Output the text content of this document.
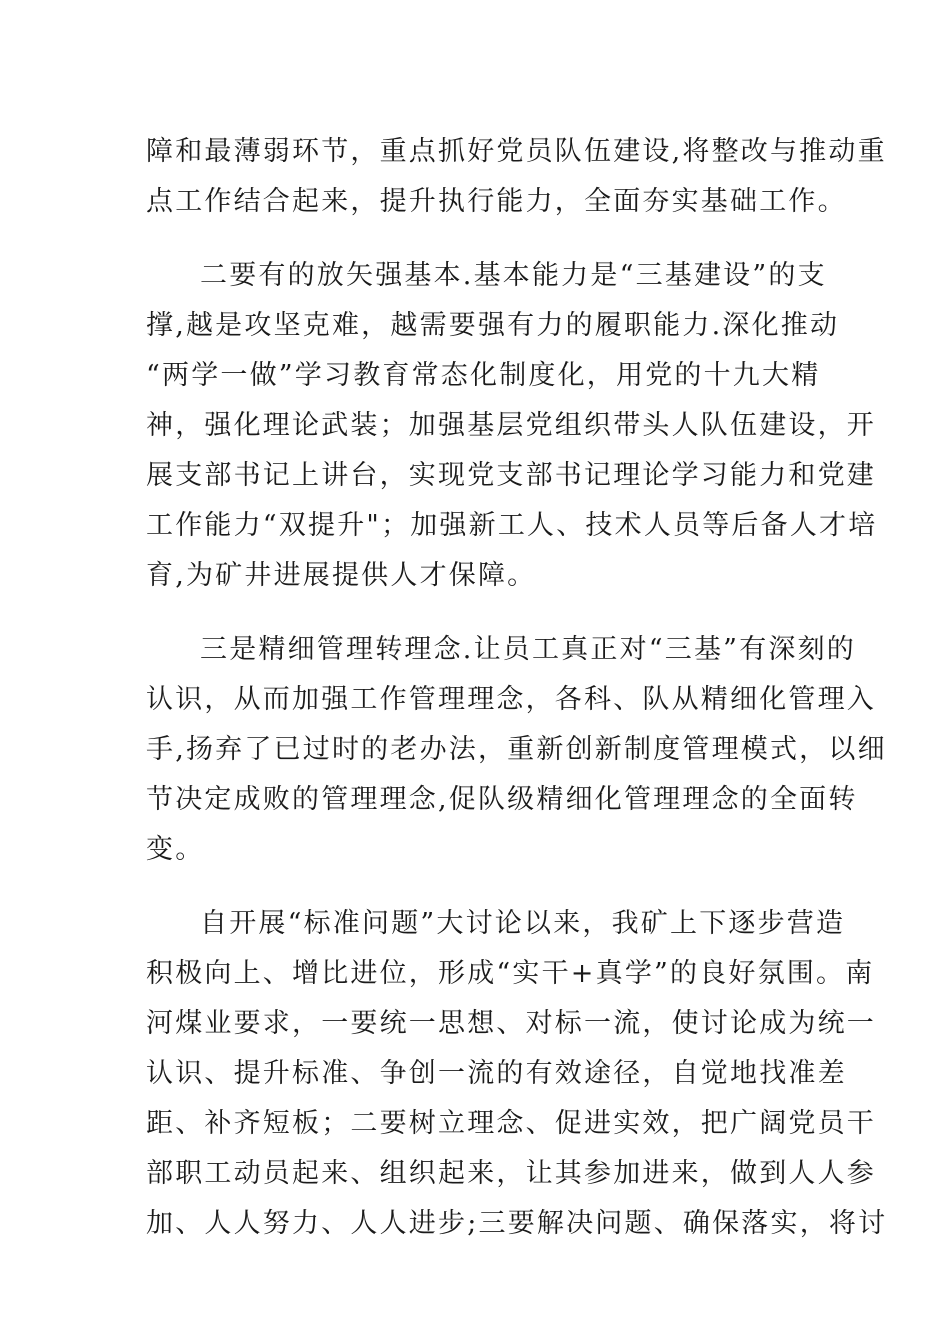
障和最薄弱环节，重点抓好党员队伍建设,将整改与推动重
点工作结合起来，提升执行能力，全面夯实基础工作。
二要有的放矢强基本.基本能力是“三基建设”的支
撑,越是攻坚克难，越需要强有力的履职能力.深化推动
“两学一做”学习教育常态化制度化，用党的十九大精
神，强化理论武装；加强基层党组织带头人队伍建设，开
展支部书记上讲台，实现党支部书记理论学习能力和党建
工作能力“双提升"；加强新工人、技术人员等后备人才培
育,为矿井进展提供人才保障。
三是精细管理转理念.让员工真正对“三基”有深刻的
认识，从而加强工作管理理念，各科、队从精细化管理入
手,扬弃了已过时的老办法，重新创新制度管理模式，以细
节决定成败的管理理念,促队级精细化管理理念的全面转
变。
自开展“标准问题”大讨论以来，我矿上下逐步营造
积极向上、增比进位，形成“实干+真学”的良好氛围。南
河煤业要求，一要统一思想、对标一流，使讨论成为统一
认识、提升标准、争创一流的有效途径，自觉地找准差
距、补齐短板；二要树立理念、促进实效，把广阔党员干
部职工动员起来、组织起来，让其参加进来，做到人人参
加、人人努力、人人进步;三要解决问题、确保落实，将讨
